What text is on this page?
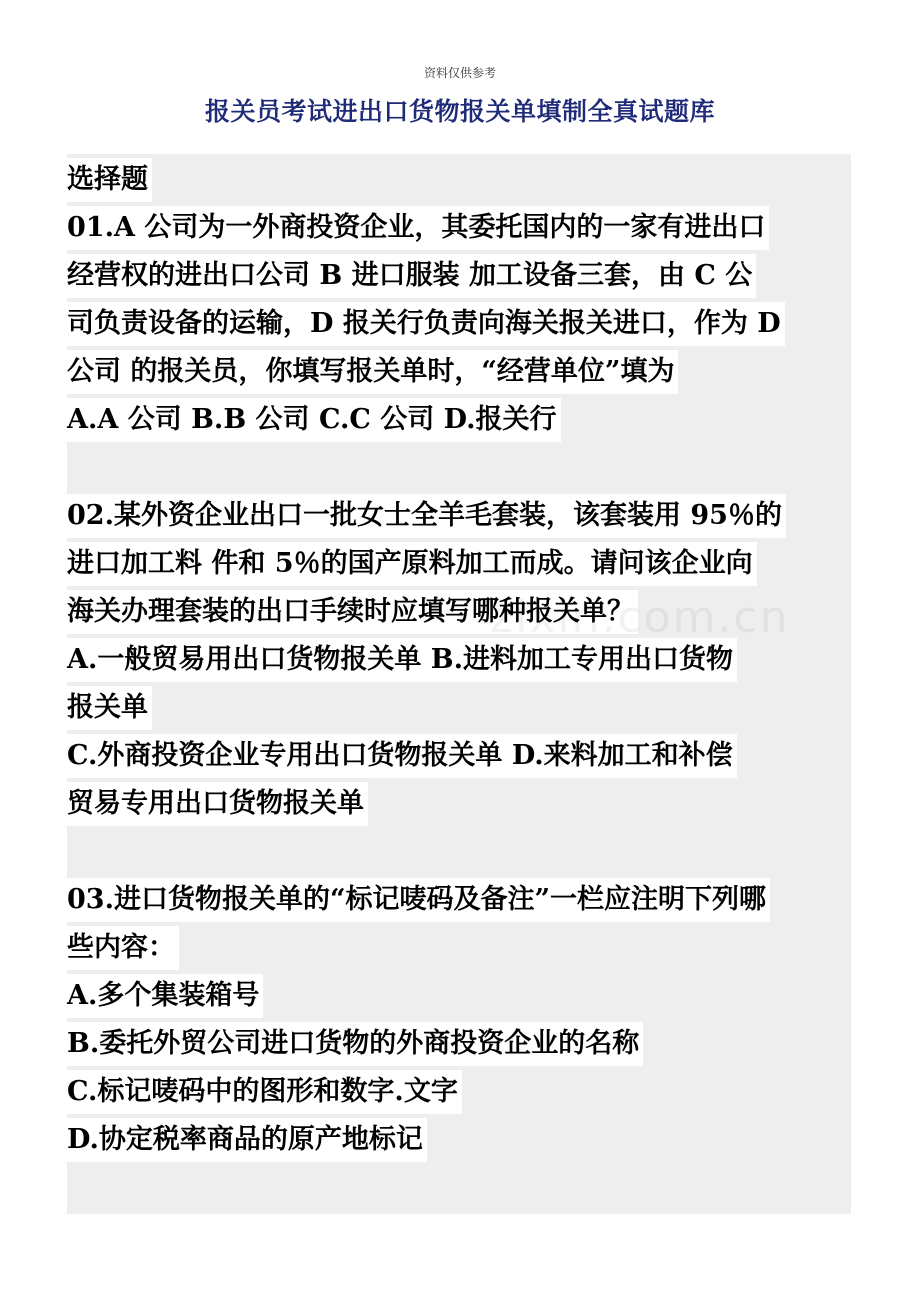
资料仅供参考
报关员考试进出口货物报关单填制全真试题库
选择题
01.A 公司为一外商投资企业，其委托国内的一家有进出口
经营权的进出口公司 B 进口服装 加工设备三套，由 C 公
司负责设备的运输，D 报关行负责向海关报关进口，作为 D
公司 的报关员，你填写报关单时，“经营单位”填为
A.A 公司 B.B 公司 C.C 公司 D.报关行
02.某外资企业出口一批女士全羊毛套装，该套装用 95％的
进口加工料 件和 5％的国产原料加工而成。请问该企业向
海关办理套装的出口手续时应填写哪种报关单？
A.一般贸易用出口货物报关单 B.进料加工专用出口货物
报关单
C.外商投资企业专用出口货物报关单 D.来料加工和补偿
贸易专用出口货物报关单
03.进口货物报关单的“标记唛码及备注”一栏应注明下列哪
些内容：
A.多个集装箱号
B.委托外贸公司进口货物的外商投资企业的名称
C.标记唛码中的图形和数字.文字
D.协定税率商品的原产地标记
zixin.com.cn
